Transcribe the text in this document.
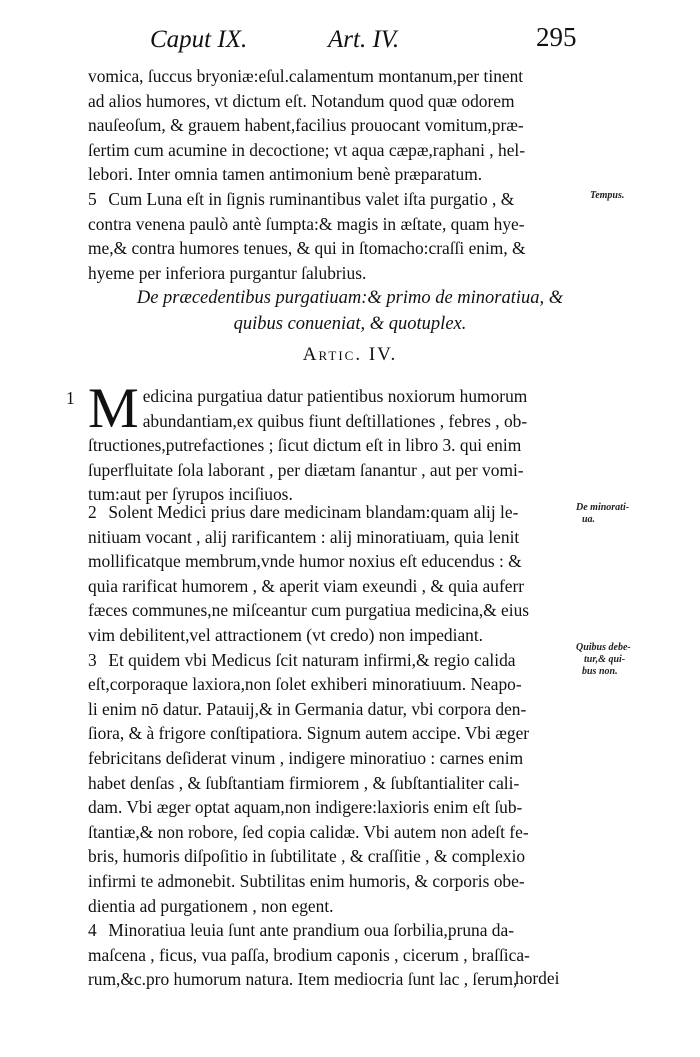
Caput IX.	Art. IV.	295
vomica, ſuccus bryoniæ:eſul.calamentum montanum,per tinent
ad alios humores, vt dictum eſt. Notandum quod quæ odorem
nauſeoſum, & grauem habent,facilius prouocant vomitum,præ-
ſertim cum acumine in decoctione; vt aqua cæpæ,raphani , hel-
lebori. Inter omnia tamen antimonium benè præparatum.
5 Cum Luna eſt in ſignis ruminantibus valet iſta purgatio , &
contra venena paulò antè ſumpta:& magis in æſtate, quam hye-
me,& contra humores tenues, & qui in ſtomacho:craſſi enim, &
hyeme per inferiora purgantur ſalubrius.
De præcedentibus purgatiuam:& primo de minoratiua, &
quibus conueniat, & quotuplex.
Artic. IV.
1 M edicina purgatiua datur patientibus noxiorum humorum
abundantiam,ex quibus fiunt deſtillationes , febres , ob-
ſtructiones,putrefactiones ; ſicut dictum eſt in libro 3. qui enim
ſuperfluitate ſola laborant , per diætam ſanantur , aut per vomi-
tum:aut per ſyrupos inciſiuos.
2 Solent Medici prius dare medicinam blandam:quam alij le-
nitiuam vocant , alij rarificantem : alij minoratiuam, quia lenit
mollificatque membrum,vnde humor noxius eſt educendus : &
quia rarificat humorem , & aperit viam exeundi , & quia auferr
fæces communes,ne miſceantur cum purgatiua medicina,& eius
vim debilitent,vel attractionem (vt credo) non impediant.
3 Et quidem vbi Medicus ſcit naturam infirmi,& regio calida
eſt,corporaque laxiora,non ſolet exhiberi minoratiuum. Neapo-
li enim nō datur. Patauij,& in Germania datur, vbi corpora den-
ſiora, & à frigore conſtipatiora. Signum autem accipe. Vbi æger
febricitans deſiderat vinum , indigere minoratiuo : carnes enim
habet denſas , & ſubſtantiam firmiorem , & ſubſtantialiter cali-
dam. Vbi æger optat aquam,non indigere:laxioris enim eſt ſub-
ſtantiæ,& non robore, ſed copia calidæ. Vbi autem non adeſt fe-
bris, humoris diſpoſitio in ſubtilitate , & craſſitie , & complexio
infirmi te admonebit. Subtilitas enim humoris, & corporis obe-
dientia ad purgationem , non egent.
4 Minoratiua leuia ſunt ante prandium oua ſorbilia,pruna da-
maſcena , ficus, vua paſſa, brodium caponis , cicerum , braſſica-
rum,&c.pro humorum natura. Item mediocria ſunt lac , ſerum,
hordei
Tempus.
De minorati-
ua.
Quibus debe-
tur,& qui-
bus non.
